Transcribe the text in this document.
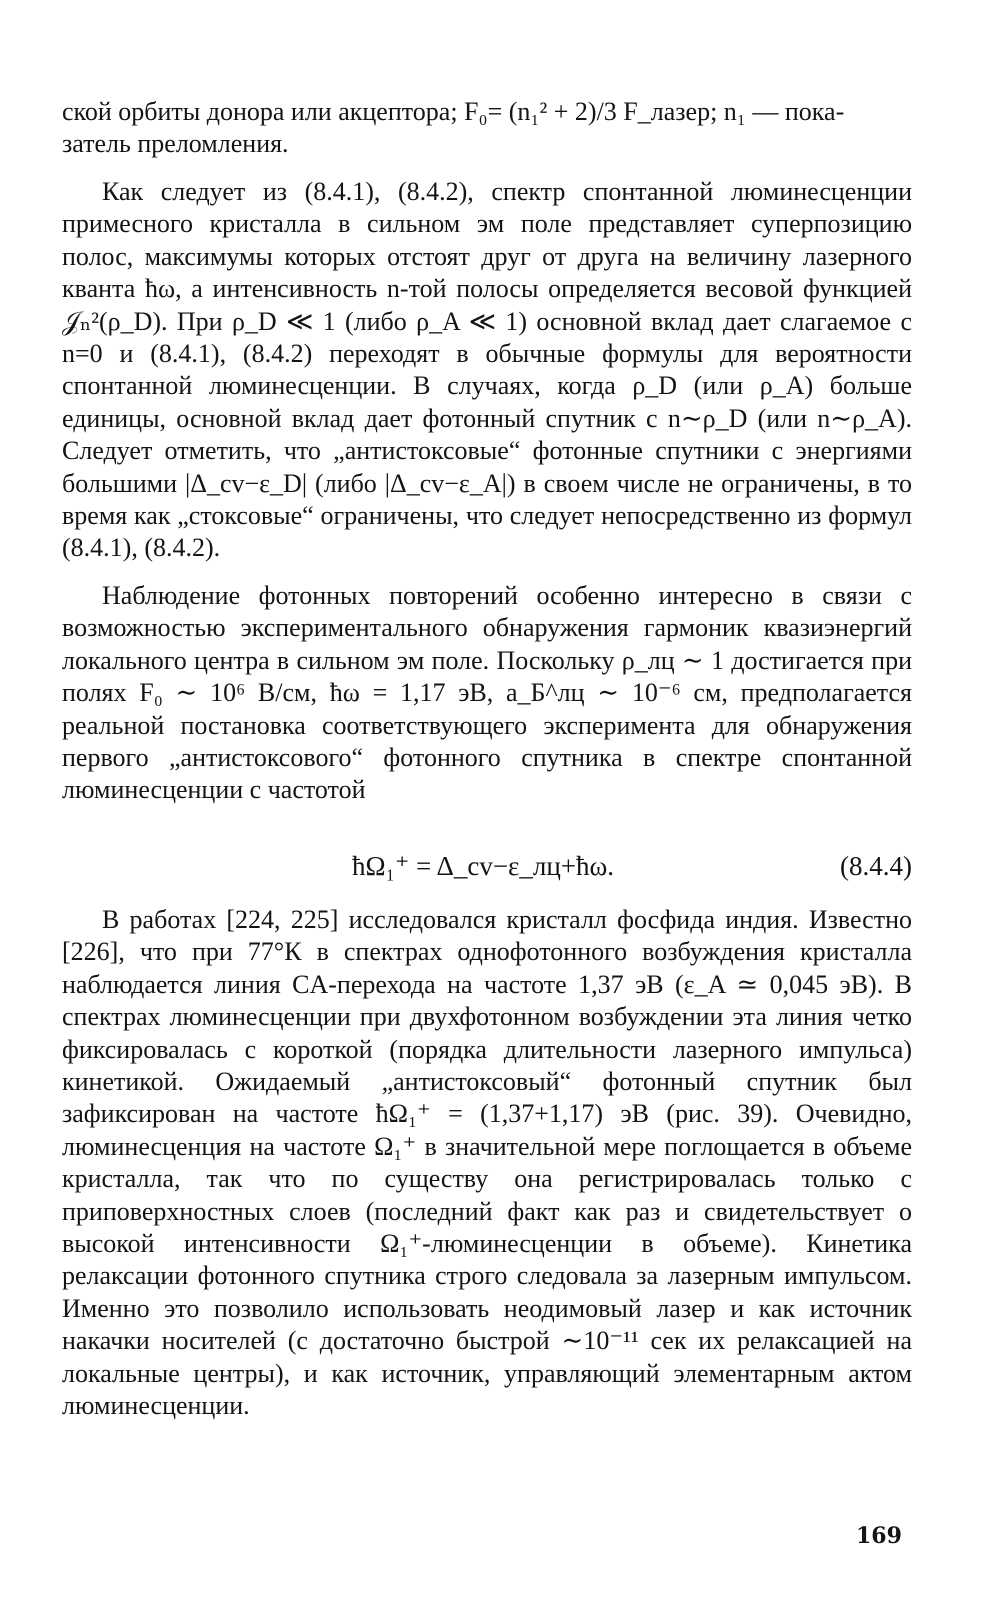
ской орбиты донора или акцептора; F₀= (n₁² + 2)/3 F_лазер; n₁ — пока-

затель преломления.

Как следует из (8.4.1), (8.4.2), спектр спонтанной люминесценции примесного кристалла в сильном эм поле представляет суперпозицию полос, максимумы которых отстоят друг от друга на величину лазерного кванта ħω, а интенсивность n-той полосы определяется весовой функцией 𝒥ₙ²(ρ_D). При ρ_D ≪ 1 (либо ρ_A ≪ 1) основной вклад дает слагаемое с n=0 и (8.4.1), (8.4.2) переходят в обычные формулы для вероятности спонтанной люминесценции. В случаях, когда ρ_D (или ρ_A) больше единицы, основной вклад дает фотонный спутник с n∼ρ_D (или n∼ρ_A). Следует отметить, что „антистоксовые“ фотонные спутники с энергиями большими |Δ_cv−ε_D| (либо |Δ_cv−ε_A|) в своем числе не ограничены, в то время как „стоксовые“ ограничены, что следует непосредственно из формул (8.4.1), (8.4.2).

Наблюдение фотонных повторений особенно интересно в связи с возможностью экспериментального обнаружения гармоник квазиэнергий локального центра в сильном эм поле. Поскольку ρ_лц ∼ 1 достигается при полях F₀ ∼ 10⁶ В/см, ħω = 1,17 эВ, a_Б^лц ∼ 10⁻⁶ см, предполагается реальной постановка соответствующего эксперимента для обнаружения первого „антистоксового“ фотонного спутника в спектре спонтанной люминесценции с частотой

ħΩ₁⁺ = Δ_cv−ε_лц+ħω.	(8.4.4)

В работах [224, 225] исследовался кристалл фосфида индия. Известно [226], что при 77°К в спектрах однофотонного возбуждения кристалла наблюдается линия CA-перехода на частоте 1,37 эВ (ε_A ≃ 0,045 эВ). В спектрах люминесценции при двухфотонном возбуждении эта линия четко фиксировалась с короткой (порядка длительности лазерного импульса) кинетикой. Ожидаемый „антистоксовый“ фотонный спутник был зафиксирован на частоте ħΩ₁⁺ = (1,37+1,17) эВ (рис. 39). Очевидно, люминесценция на частоте Ω₁⁺ в значительной мере поглощается в объеме кристалла, так что по существу она регистрировалась только с приповерхностных слоев (последний факт как раз и свидетельствует о высокой интенсивности Ω₁⁺-люминесценции в объеме). Кинетика релаксации фотонного спутника строго следовала за лазерным импульсом. Именно это позволило использовать неодимовый лазер и как источник накачки носителей (с достаточно быстрой ∼10⁻¹¹ сек их релаксацией на локальные центры), и как источник, управляющий элементарным актом люминесценции.

169
